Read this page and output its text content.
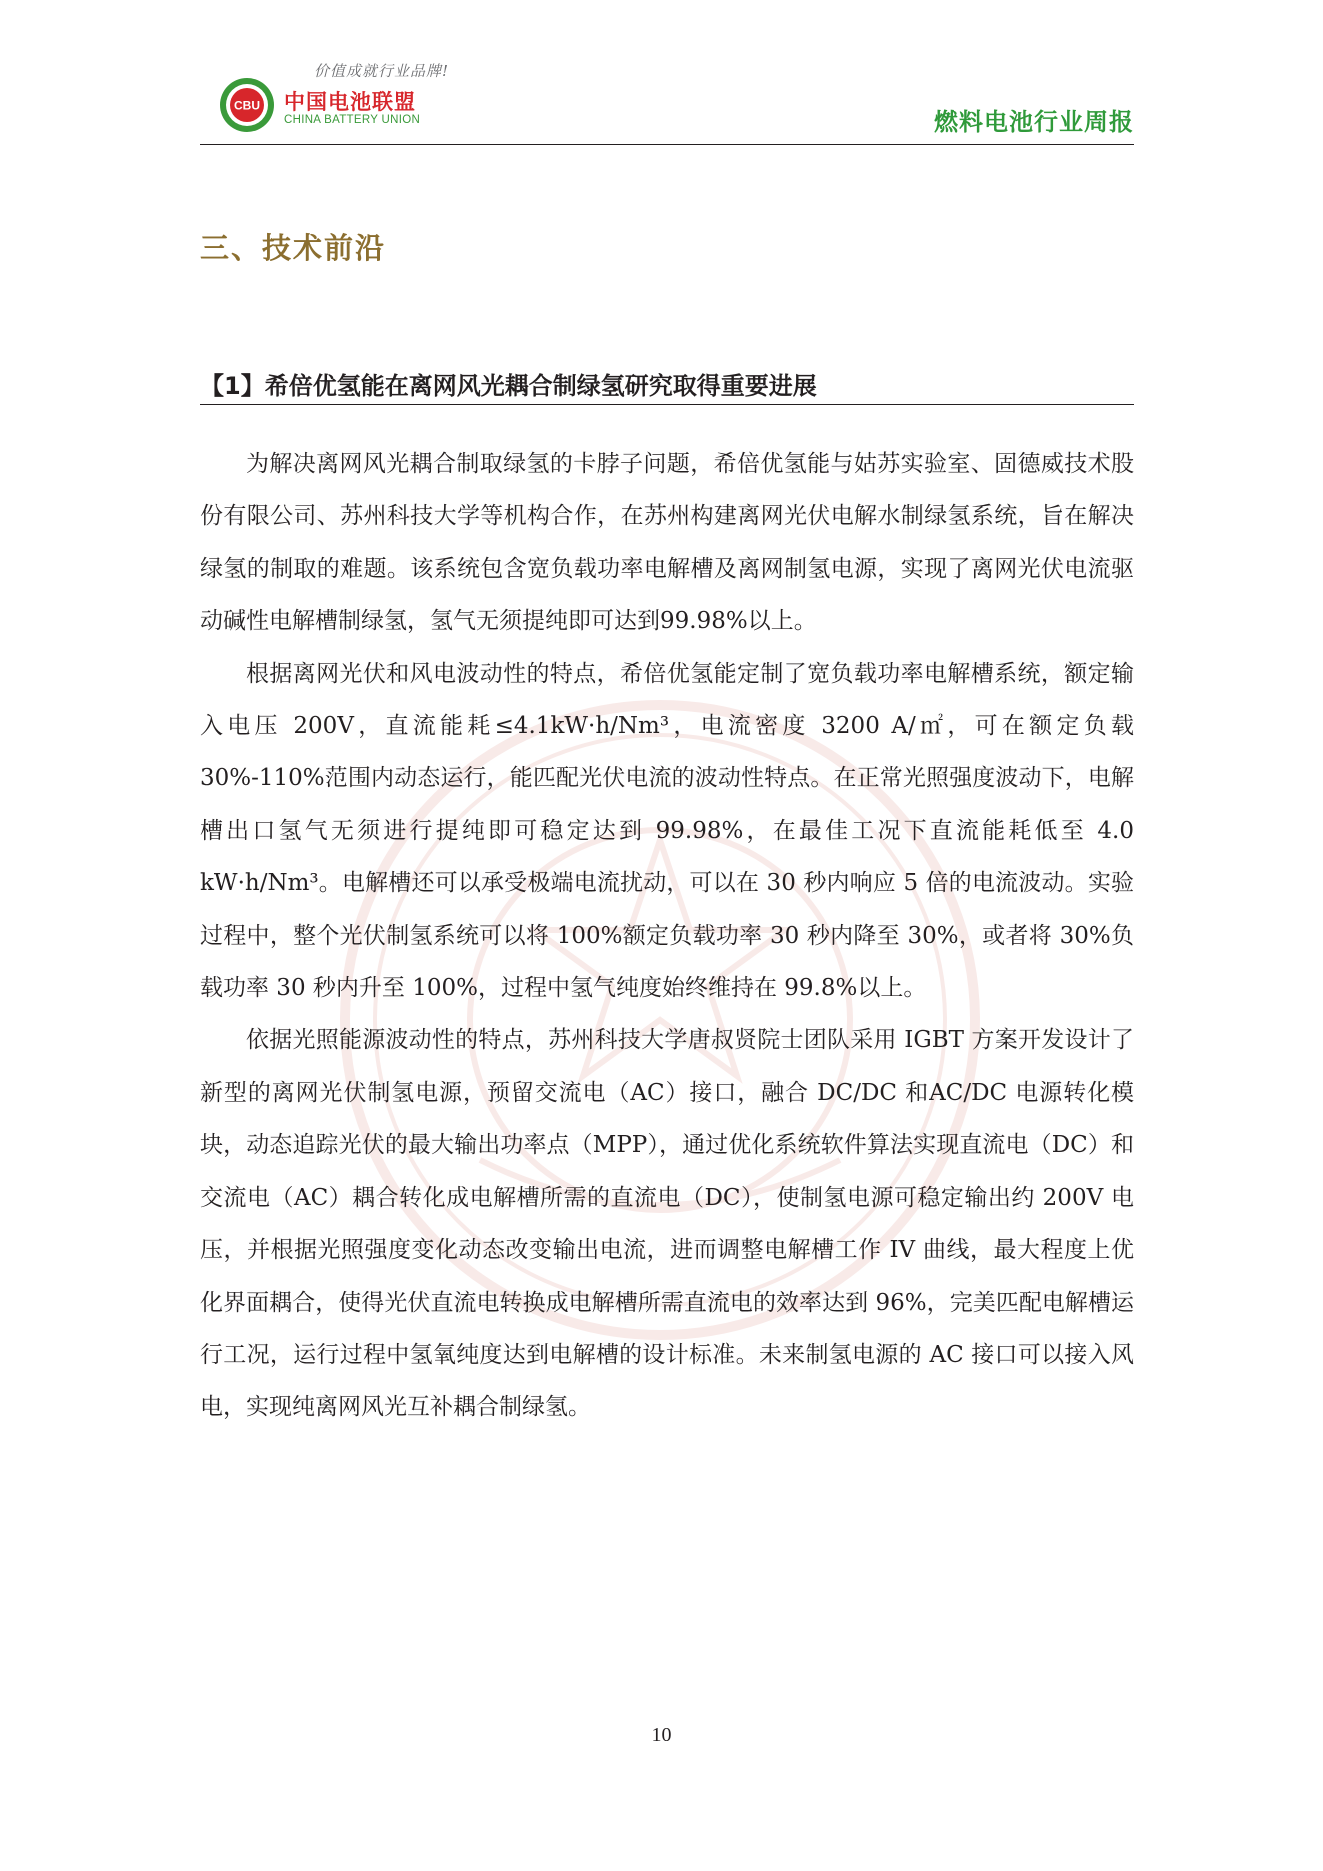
价值成就行业品牌!
CBU 中国电池联盟
CHINA BATTERY UNION	燃料电池行业周报
三、技术前沿
【1】希倍优氢能在离网风光耦合制绿氢研究取得重要进展

为解决离网风光耦合制取绿氢的卡脖子问题，希倍优氢能与姑苏实验室、固德威技术股份有限公司、苏州科技大学等机构合作，在苏州构建离网光伏电解水制绿氢系统，旨在解决绿氢的制取的难题。该系统包含宽负载功率电解槽及离网制氢电源，实现了离网光伏电流驱动碱性电解槽制绿氢，氢气无须提纯即可达到99.98%以上。

根据离网光伏和风电波动性的特点，希倍优氢能定制了宽负载功率电解槽系统，额定输入电压 200V，直流能耗≤4.1kW·h/Nm³，电流密度 3200 A/㎡，可在额定负载 30%-110%范围内动态运行，能匹配光伏电流的波动性特点。在正常光照强度波动下，电解槽出口氢气无须进行提纯即可稳定达到 99.98%，在最佳工况下直流能耗低至 4.0 kW·h/Nm³。电解槽还可以承受极端电流扰动，可以在 30 秒内响应 5 倍的电流波动。实验过程中，整个光伏制氢系统可以将 100%额定负载功率 30 秒内降至 30%，或者将 30%负载功率 30 秒内升至 100%，过程中氢气纯度始终维持在 99.8%以上。

依据光照能源波动性的特点，苏州科技大学唐叔贤院士团队采用 IGBT 方案开发设计了新型的离网光伏制氢电源，预留交流电（AC）接口，融合 DC/DC 和AC/DC 电源转化模块，动态追踪光伏的最大输出功率点（MPP），通过优化系统软件算法实现直流电（DC）和交流电（AC）耦合转化成电解槽所需的直流电（DC），使制氢电源可稳定输出约 200V 电压，并根据光照强度变化动态改变输出电流，进而调整电解槽工作 IV 曲线，最大程度上优化界面耦合，使得光伏直流电转换成电解槽所需直流电的效率达到 96%，完美匹配电解槽运行工况，运行过程中氢氧纯度达到电解槽的设计标准。未来制氢电源的 AC 接口可以接入风电，实现纯离网风光互补耦合制绿氢。

10
